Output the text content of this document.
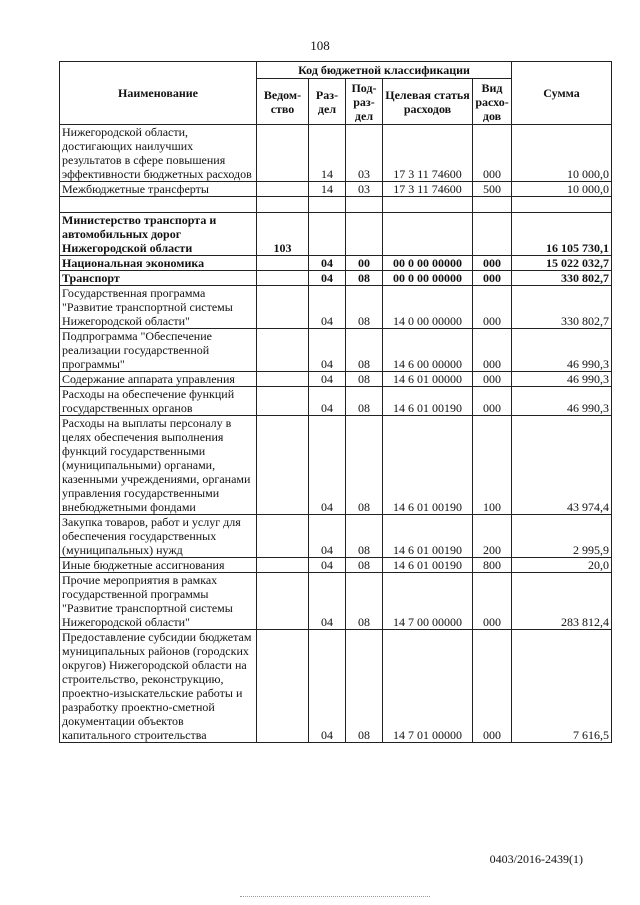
108
Наименование	Код бюджетной классификации					Сумма
	Ведом-ство	Раз-дел	Под-раз-дел	Целевая статья расходов	Вид расхо-дов	
Нижегородской области, достигающих наилучших результатов в сфере повышения эффективности бюджетных расходов		14	03	17 3 11 74600	000	10 000,0
Межбюджетные трансферты		14	03	17 3 11 74600	500	10 000,0

Министерство транспорта и автомобильных дорог Нижегородской области	103					16 105 730,1
Национальная экономика		04	00	00 0 00 00000	000	15 022 032,7
Транспорт		04	08	00 0 00 00000	000	330 802,7
Государственная программа "Развитие транспортной системы Нижегородской области"		04	08	14 0 00 00000	000	330 802,7
Подпрограмма "Обеспечение реализации государственной программы"		04	08	14 6 00 00000	000	46 990,3
Содержание аппарата управления		04	08	14 6 01 00000	000	46 990,3
Расходы на обеспечение функций государственных органов		04	08	14 6 01 00190	000	46 990,3
Расходы на выплаты персоналу в целях обеспечения выполнения функций государственными (муниципальными) органами, казенными учреждениями, органами управления государственными внебюджетными фондами		04	08	14 6 01 00190	100	43 974,4
Закупка товаров, работ и услуг для обеспечения государственных (муниципальных) нужд		04	08	14 6 01 00190	200	2 995,9
Иные бюджетные ассигнования		04	08	14 6 01 00190	800	20,0
Прочие мероприятия в рамках государственной программы "Развитие транспортной системы Нижегородской области"		04	08	14 7 00 00000	000	283 812,4
Предоставление субсидии бюджетам муниципальных районов (городских округов) Нижегородской области на строительство, реконструкцию, проектно-изыскательские работы и разработку проектно-сметной документации объектов капитального строительства		04	08	14 7 01 00000	000	7 616,5
0403/2016-2439(1)
